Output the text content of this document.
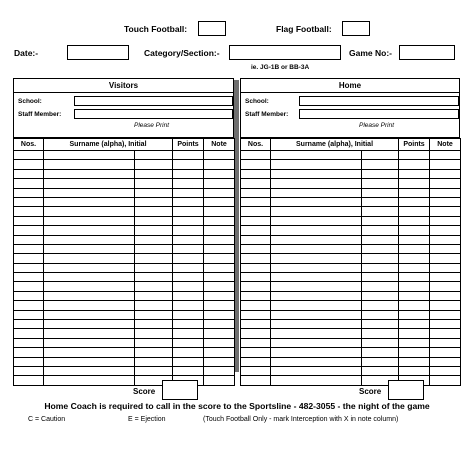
Touch Football:	Flag Football:
Date:-	Category/Section:-	Game No:-
ie. JG-1B or BB-3A
Visitors
School:
Staff Member:
Please Print
Home
School:
Staff Member:
Please Print
Nos.	Surname (alpha), Initial		Points	Note

					Nos.	Surname (alpha), Initial		Points	Note

Score	Score
Home Coach is required to call in the score to the Sportsline - 482-3055 - the night of the game
C = Caution	E = Ejection	(Touch Football Only - mark Interception with X in note column)
